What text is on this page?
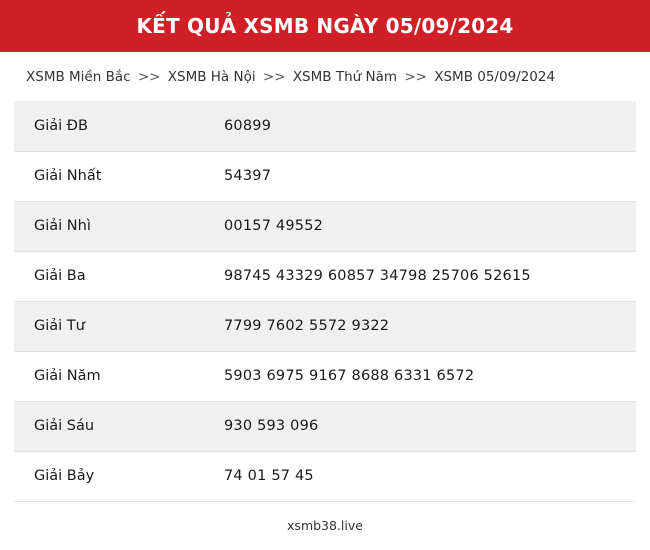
KẾT QUẢ XSMB NGÀY 05/09/2024
XSMB Miền Bắc >> XSMB Hà Nội >> XSMB Thứ Năm >> XSMB 05/09/2024
Giải ĐB	60899
Giải Nhất	54397
Giải Nhì	00157 49552
Giải Ba	98745 43329 60857 34798 25706 52615
Giải Tư	7799 7602 5572 9322
Giải Năm	5903 6975 9167 8688 6331 6572
Giải Sáu	930 593 096
Giải Bảy	74 01 57 45
xsmb38.live
